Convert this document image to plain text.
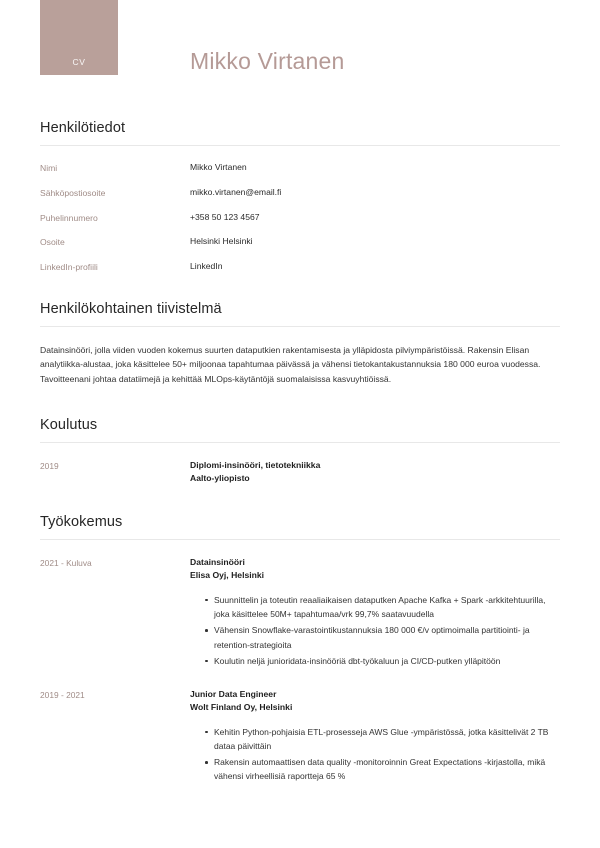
CV	Mikko Virtanen
Henkilötiedot
Nimi	Mikko Virtanen
Sähköpostiosoite	mikko.virtanen@email.fi
Puhelinnumero	+358 50 123 4567
Osoite	Helsinki Helsinki
LinkedIn-profiili	LinkedIn
Henkilökohtainen tiivistelmä

Datainsinööri, jolla viiden vuoden kokemus suurten dataputkien rakentamisesta ja ylläpidosta pilviympäristöissä. Rakensin Elisan analytiikka-alustaa, joka käsittelee 50+ miljoonaa tapahtumaa päivässä ja vähensi tietokantakustannuksia 180 000 euroa vuodessa. Tavoitteenani johtaa datatiimejä ja kehittää MLOps-käytäntöjä suomalaisissa kasvuyhtiöissä.

Koulutus
2019	Diplomi-insinööri, tietotekniikka
Aalto-yliopisto
Työkokemus
2021 - Kuluva	Datainsinööri
Elisa Oyj, Helsinki
Suunnittelin ja toteutin reaaliaikaisen dataputken Apache Kafka + Spark -arkkitehtuurilla, joka käsittelee 50M+ tapahtumaa/vrk 99,7% saatavuudella
Vähensin Snowflake-varastointikustannuksia 180 000 €/v optimoimalla partitiointi- ja retention-strategioita
Koulutin neljä junioridata-insinööriä dbt-työkaluun ja CI/CD-putken ylläpitöön
2019 - 2021	Junior Data Engineer
Wolt Finland Oy, Helsinki
Kehitin Python-pohjaisia ETL-prosesseja AWS Glue -ympäristössä, jotka käsittelivät 2 TB dataa päivittäin
Rakensin automaattisen data quality -monitoroinnin Great Expectations -kirjastolla, mikä vähensi virheellisiä raportteja 65 %
